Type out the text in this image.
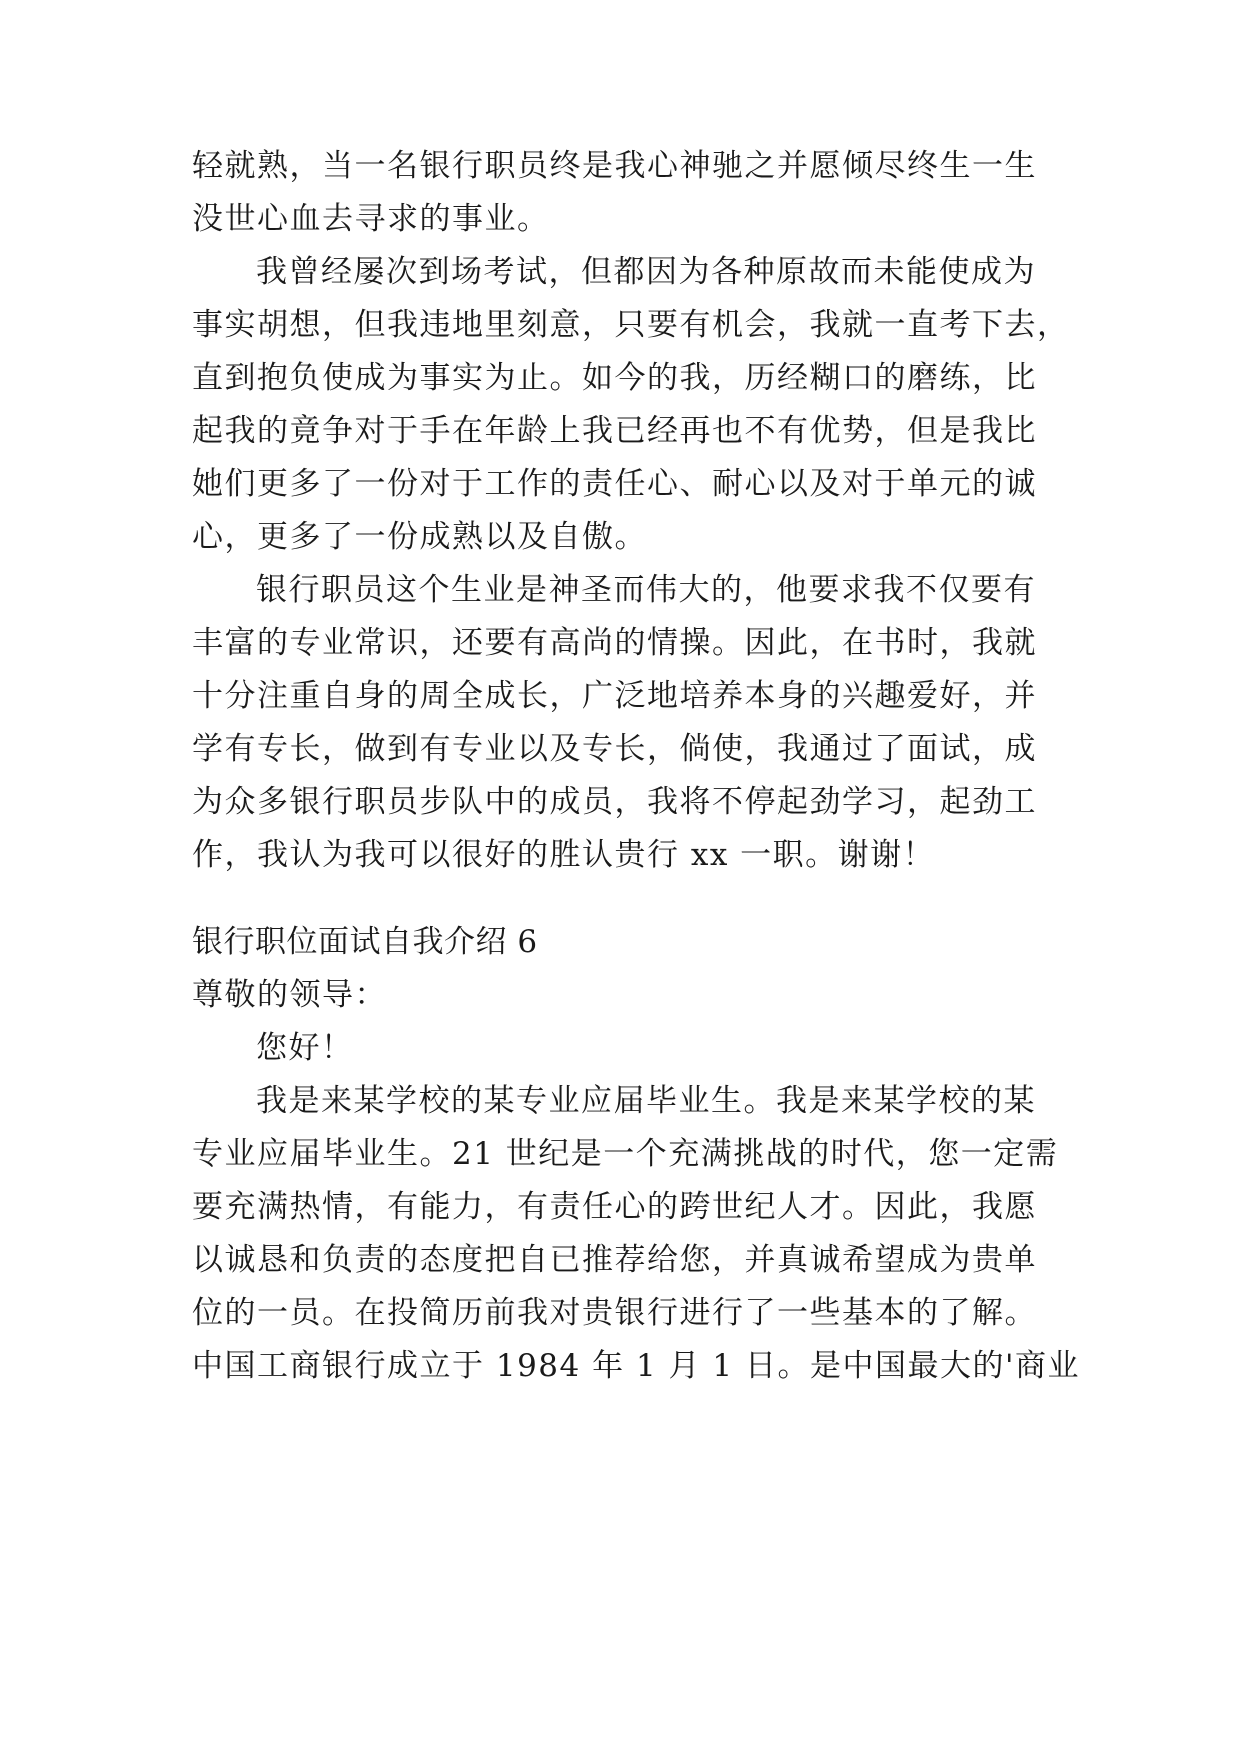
轻就熟，当一名银行职员终是我心神驰之并愿倾尽终生一生
没世心血去寻求的事业。
我曾经屡次到场考试，但都因为各种原故而未能使成为
事实胡想，但我违地里刻意，只要有机会，我就一直考下去，
直到抱负使成为事实为止。如今的我，历经糊口的磨练，比
起我的竟争对于手在年龄上我已经再也不有优势，但是我比
她们更多了一份对于工作的责任心、耐心以及对于单元的诚
心，更多了一份成熟以及自傲。
银行职员这个生业是神圣而伟大的，他要求我不仅要有
丰富的专业常识，还要有高尚的情操。因此，在书时，我就
十分注重自身的周全成长，广泛地培养本身的兴趣爱好，并
学有专长，做到有专业以及专长，倘使，我通过了面试，成
为众多银行职员步队中的成员，我将不停起劲学习，起劲工
作，我认为我可以很好的胜认贵行 xx 一职。谢谢！
银行职位面试自我介绍 6
尊敬的领导：
您好！
我是来某学校的某专业应届毕业生。我是来某学校的某
专业应届毕业生。21 世纪是一个充满挑战的时代，您一定需
要充满热情，有能力，有责任心的跨世纪人才。因此，我愿
以诚恳和负责的态度把自已推荐给您，并真诚希望成为贵单
位的一员。在投简历前我对贵银行进行了一些基本的了解。
中国工商银行成立于 1984 年 1 月 1 日。是中国最大的'商业
